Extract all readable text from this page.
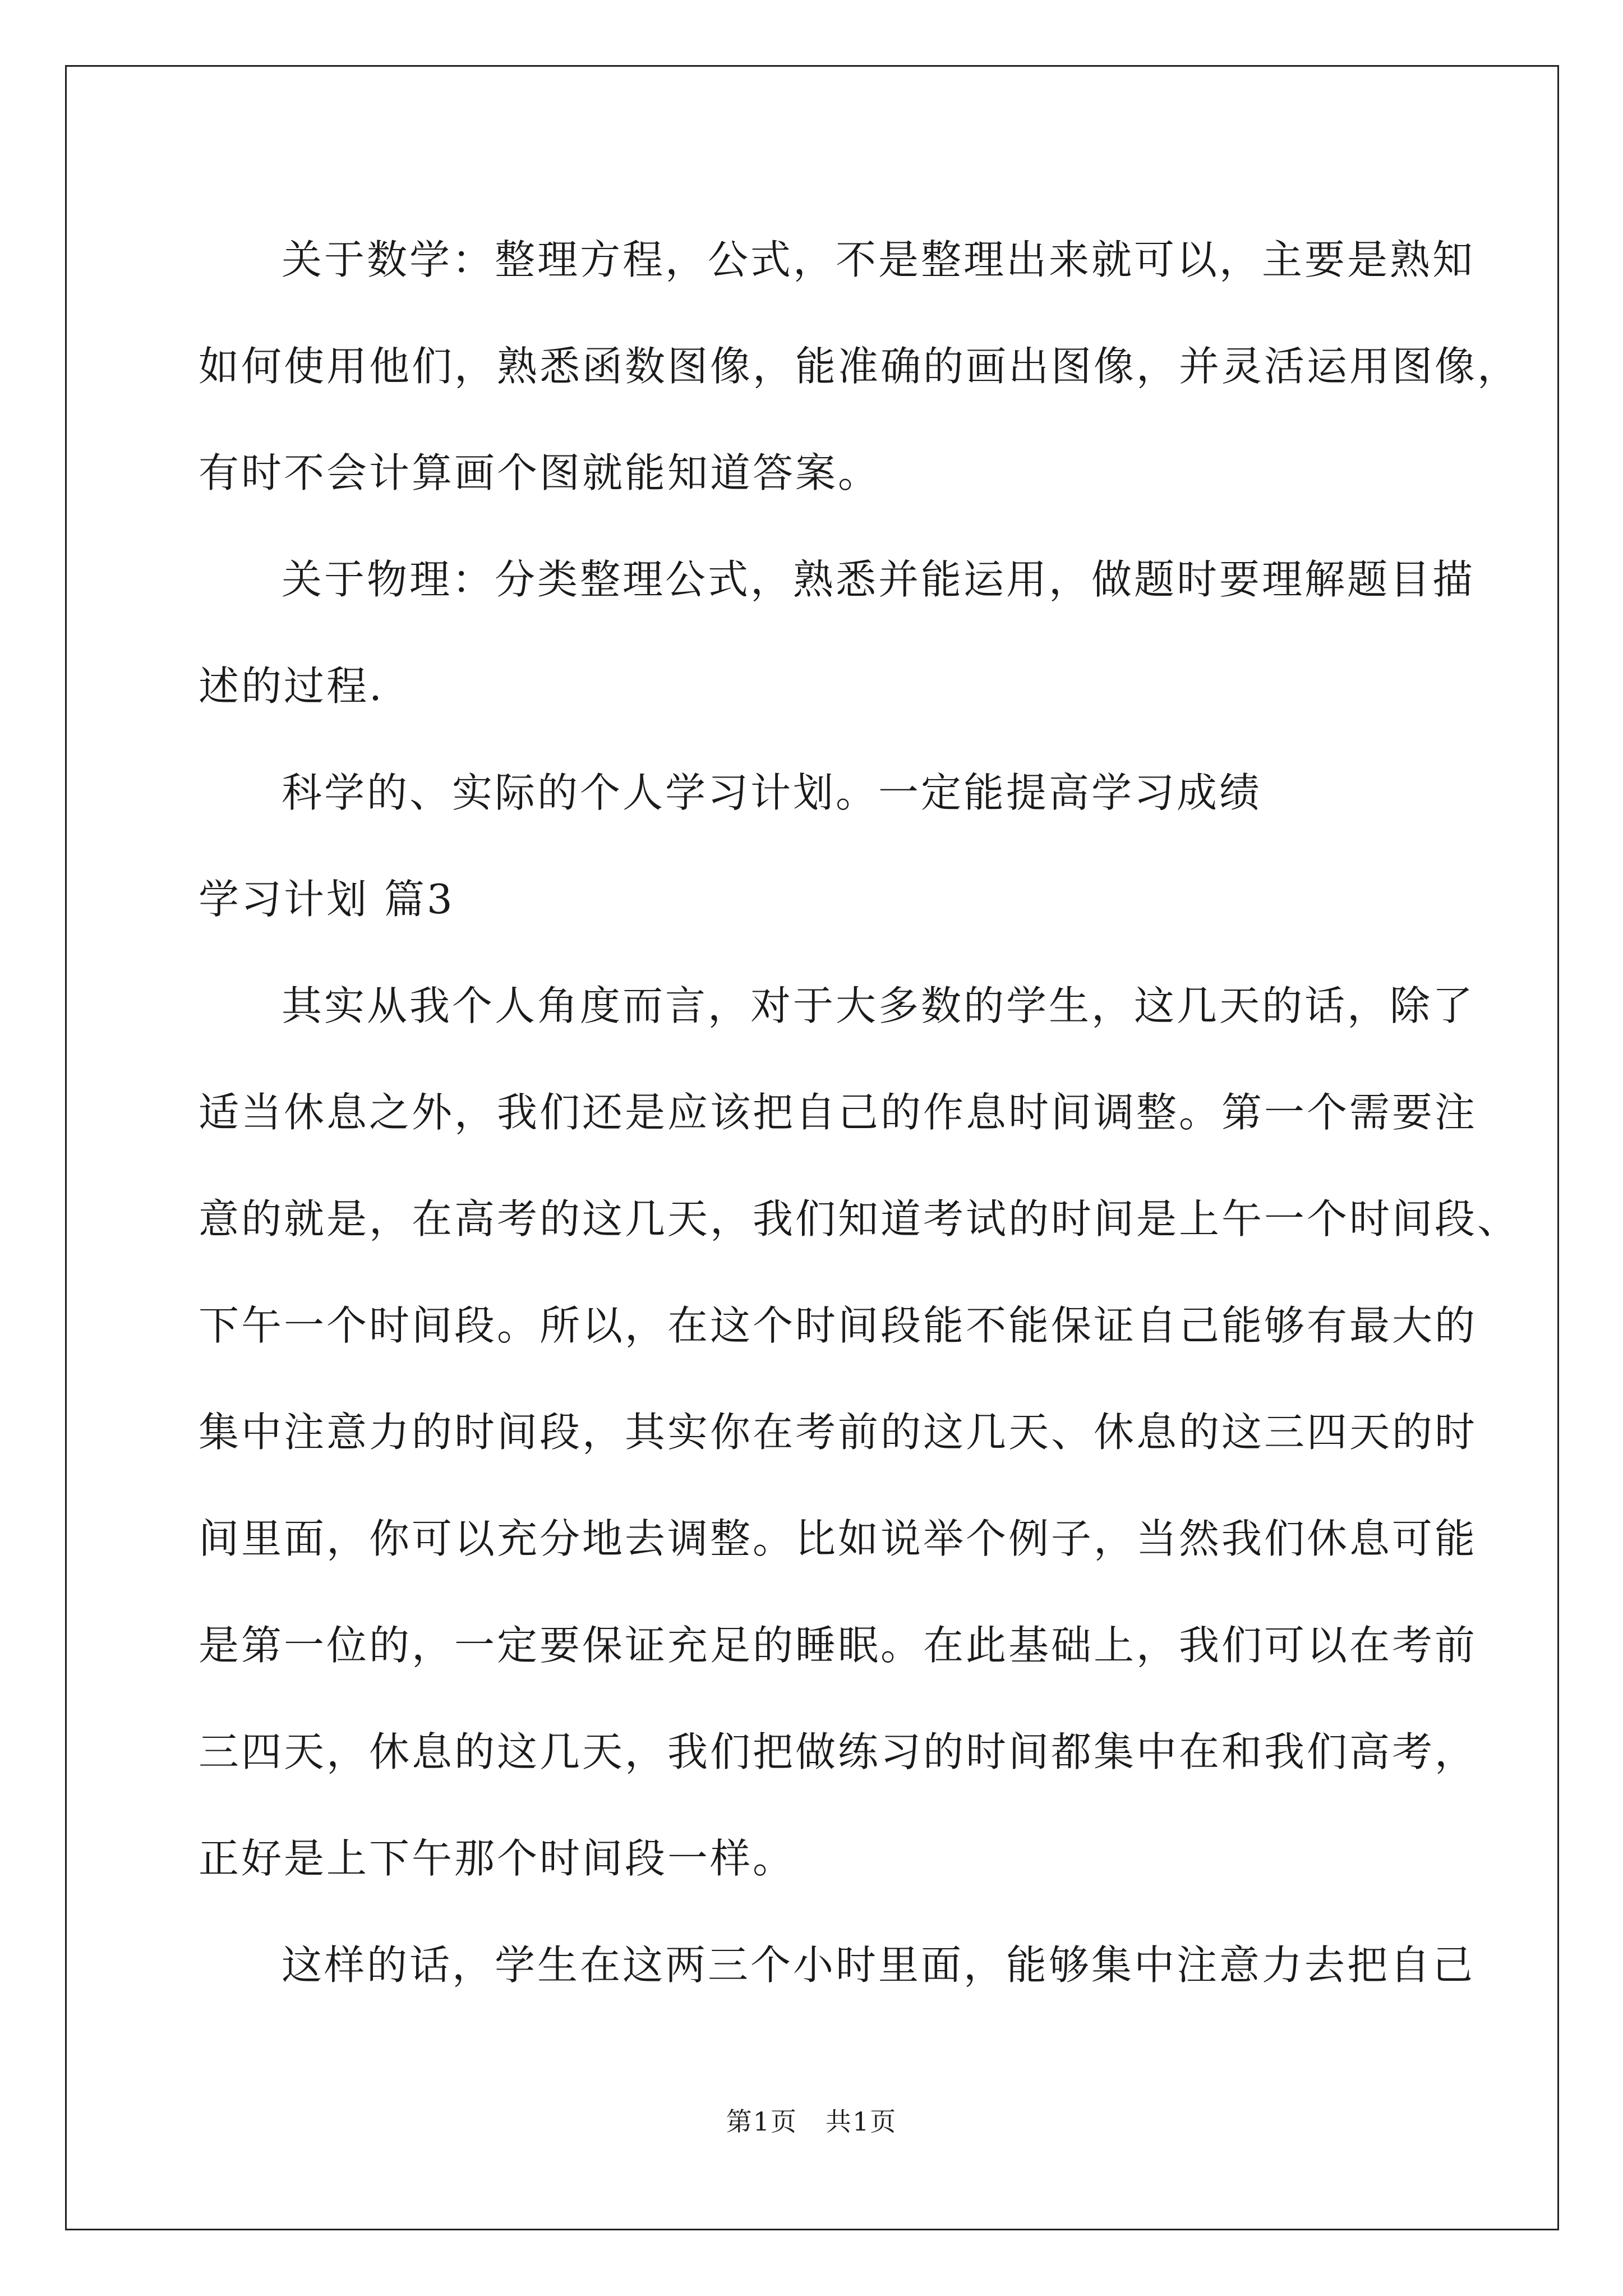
关于数学：整理方程，公式，不是整理出来就可以，主要是熟知
如何使用他们，熟悉函数图像，能准确的画出图像，并灵活运用图像，
有时不会计算画个图就能知道答案。
关于物理：分类整理公式，熟悉并能运用，做题时要理解题目描
述的过程.
科学的、实际的个人学习计划。一定能提高学习成绩
学习计划 篇3
其实从我个人角度而言，对于大多数的学生，这几天的话，除了
适当休息之外，我们还是应该把自己的作息时间调整。第一个需要注
意的就是，在高考的这几天，我们知道考试的时间是上午一个时间段、
下午一个时间段。所以，在这个时间段能不能保证自己能够有最大的
集中注意力的时间段，其实你在考前的这几天、休息的这三四天的时
间里面，你可以充分地去调整。比如说举个例子，当然我们休息可能
是第一位的，一定要保证充足的睡眠。在此基础上，我们可以在考前
三四天，休息的这几天，我们把做练习的时间都集中在和我们高考，
正好是上下午那个时间段一样。
这样的话，学生在这两三个小时里面，能够集中注意力去把自己
第1页 共1页
